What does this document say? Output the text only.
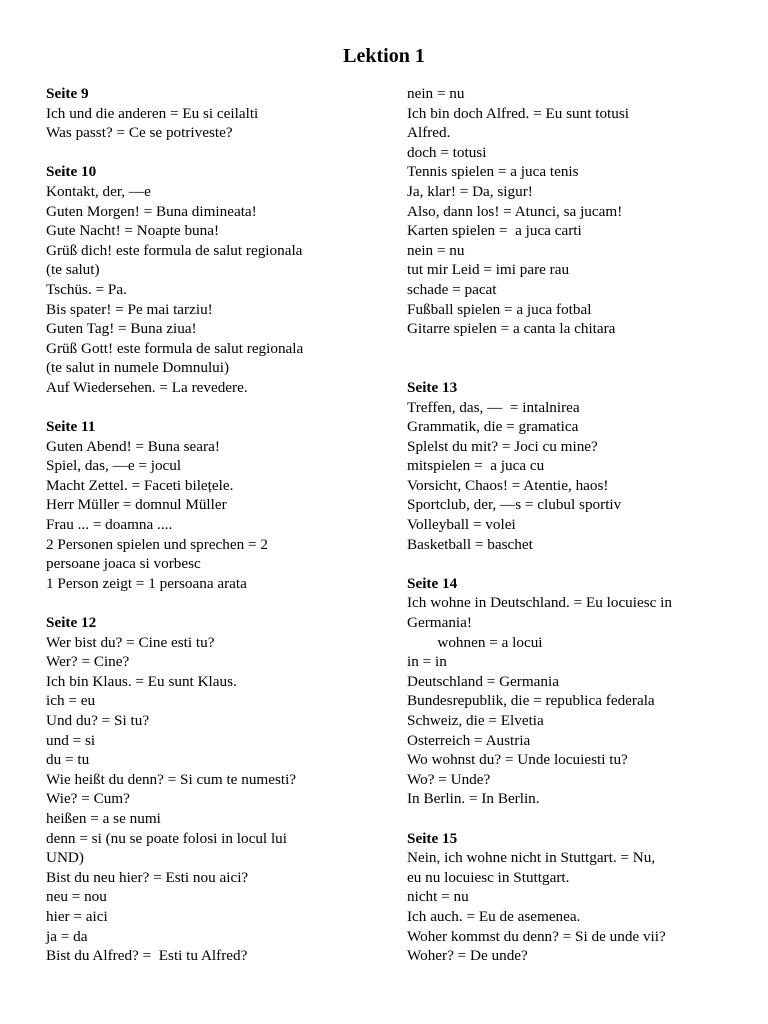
Lektion 1
Seite 9
Ich und die anderen = Eu si ceilalti
Was passt? = Ce se potriveste?
Seite 10
Kontakt, der, —e
Guten Morgen! = Buna dimineata!
Gute Nacht! = Noapte buna!
Grüß dich! este formula de salut regionala
(te salut)
Tschüs. = Pa.
Bis spater! = Pe mai tarziu!
Guten Tag! = Buna ziua!
Grüß Gott! este formula de salut regionala
(te salut in numele Domnului)
Auf Wiedersehen. = La revedere.
Seite 11
Guten Abend! = Buna seara!
Spiel, das, —e = jocul
Macht Zettel. = Faceti bilețele.
Herr Müller = domnul Müller
Frau ... = doamna ....
2 Personen spielen und sprechen = 2
persoane joaca si vorbesc
1 Person zeigt = 1 persoana arata
Seite 12
Wer bist du? = Cine esti tu?
Wer? = Cine?
Ich bin Klaus. = Eu sunt Klaus.
ich = eu
Und du? = Si tu?
und = si
du = tu
Wie heißt du denn? = Si cum te numesti?
Wie? = Cum?
heißen = a se numi
denn = si (nu se poate folosi in locul lui
UND)
Bist du neu hier? = Esti nou aici?
neu = nou
hier = aici
ja = da
Bist du Alfred? =  Esti tu Alfred?
nein = nu
Ich bin doch Alfred. = Eu sunt totusi
Alfred.
doch = totusi
Tennis spielen = a juca tenis
Ja, klar! = Da, sigur!
Also, dann los! = Atunci, sa jucam!
Karten spielen =  a juca carti
nein = nu
tut mir Leid = imi pare rau
schade = pacat
Fußball spielen = a juca fotbal
Gitarre spielen = a canta la chitara
Seite 13
Treffen, das, —  = intalnirea
Grammatik, die = gramatica
Splelst du mit? = Joci cu mine?
mitspielen =  a juca cu
Vorsicht, Chaos! = Atentie, haos!
Sportclub, der, —s = clubul sportiv
Volleyball = volei
Basketball = baschet
Seite 14
Ich wohne in Deutschland. = Eu locuiesc in
Germania!
wohnen = a locui
in = in
Deutschland = Germania
Bundesrepublik, die = republica federala
Schweiz, die = Elvetia
Osterreich = Austria
Wo wohnst du? = Unde locuiesti tu?
Wo? = Unde?
In Berlin. = In Berlin.
Seite 15
Nein, ich wohne nicht in Stuttgart. = Nu,
eu nu locuiesc in Stuttgart.
nicht = nu
Ich auch. = Eu de asemenea.
Woher kommst du denn? = Si de unde vii?
Woher? = De unde?
